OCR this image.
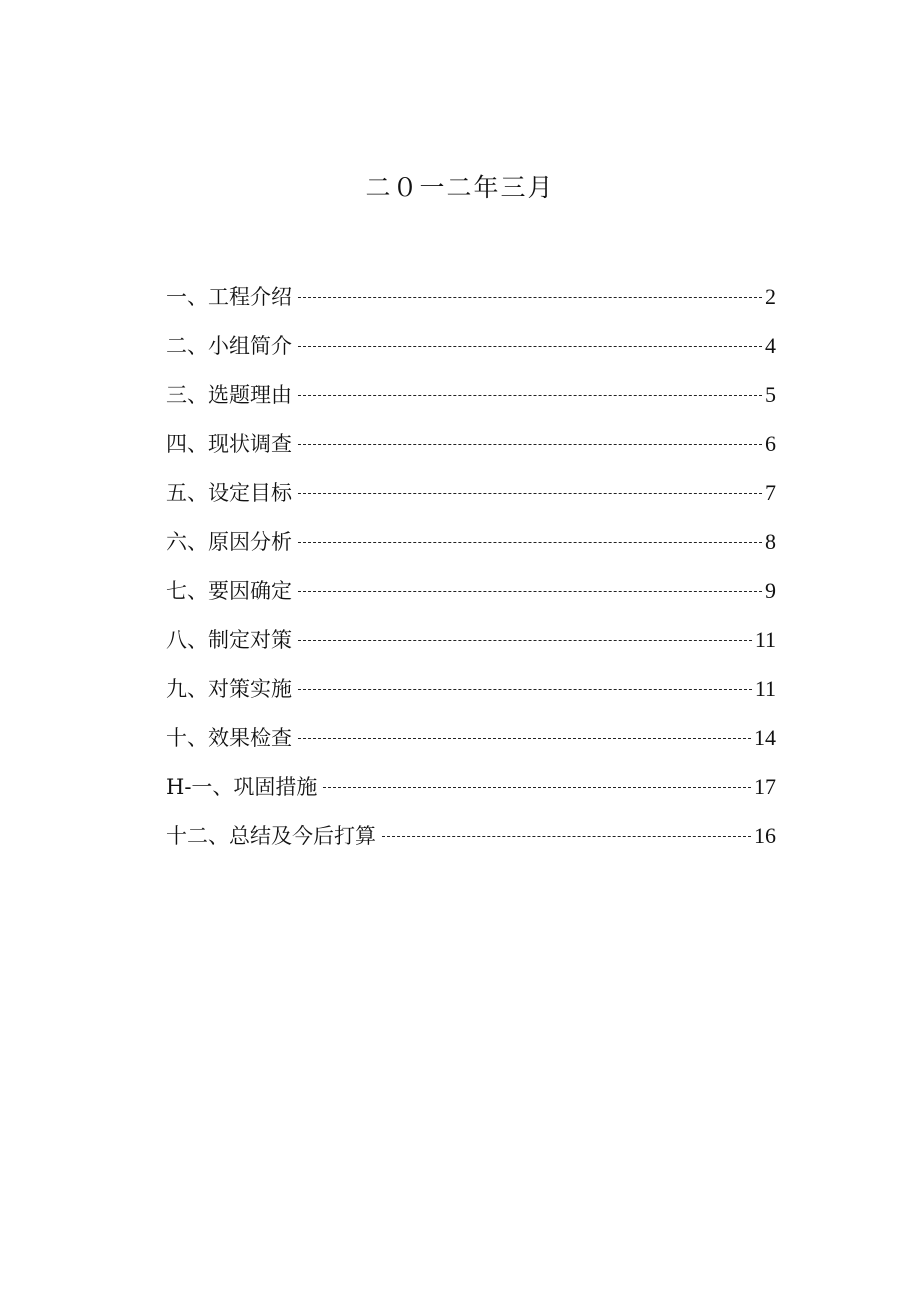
二０一二年三月
一、工程介绍	2
二、小组简介	4
三、选题理由	5
四、现状调查	6
五、设定目标	7
六、原因分析	8
七、要因确定	9
八、制定对策	11
九、对策实施	11
十、效果检查	14
H-一、巩固措施	17
十二、总结及今后打算	16
